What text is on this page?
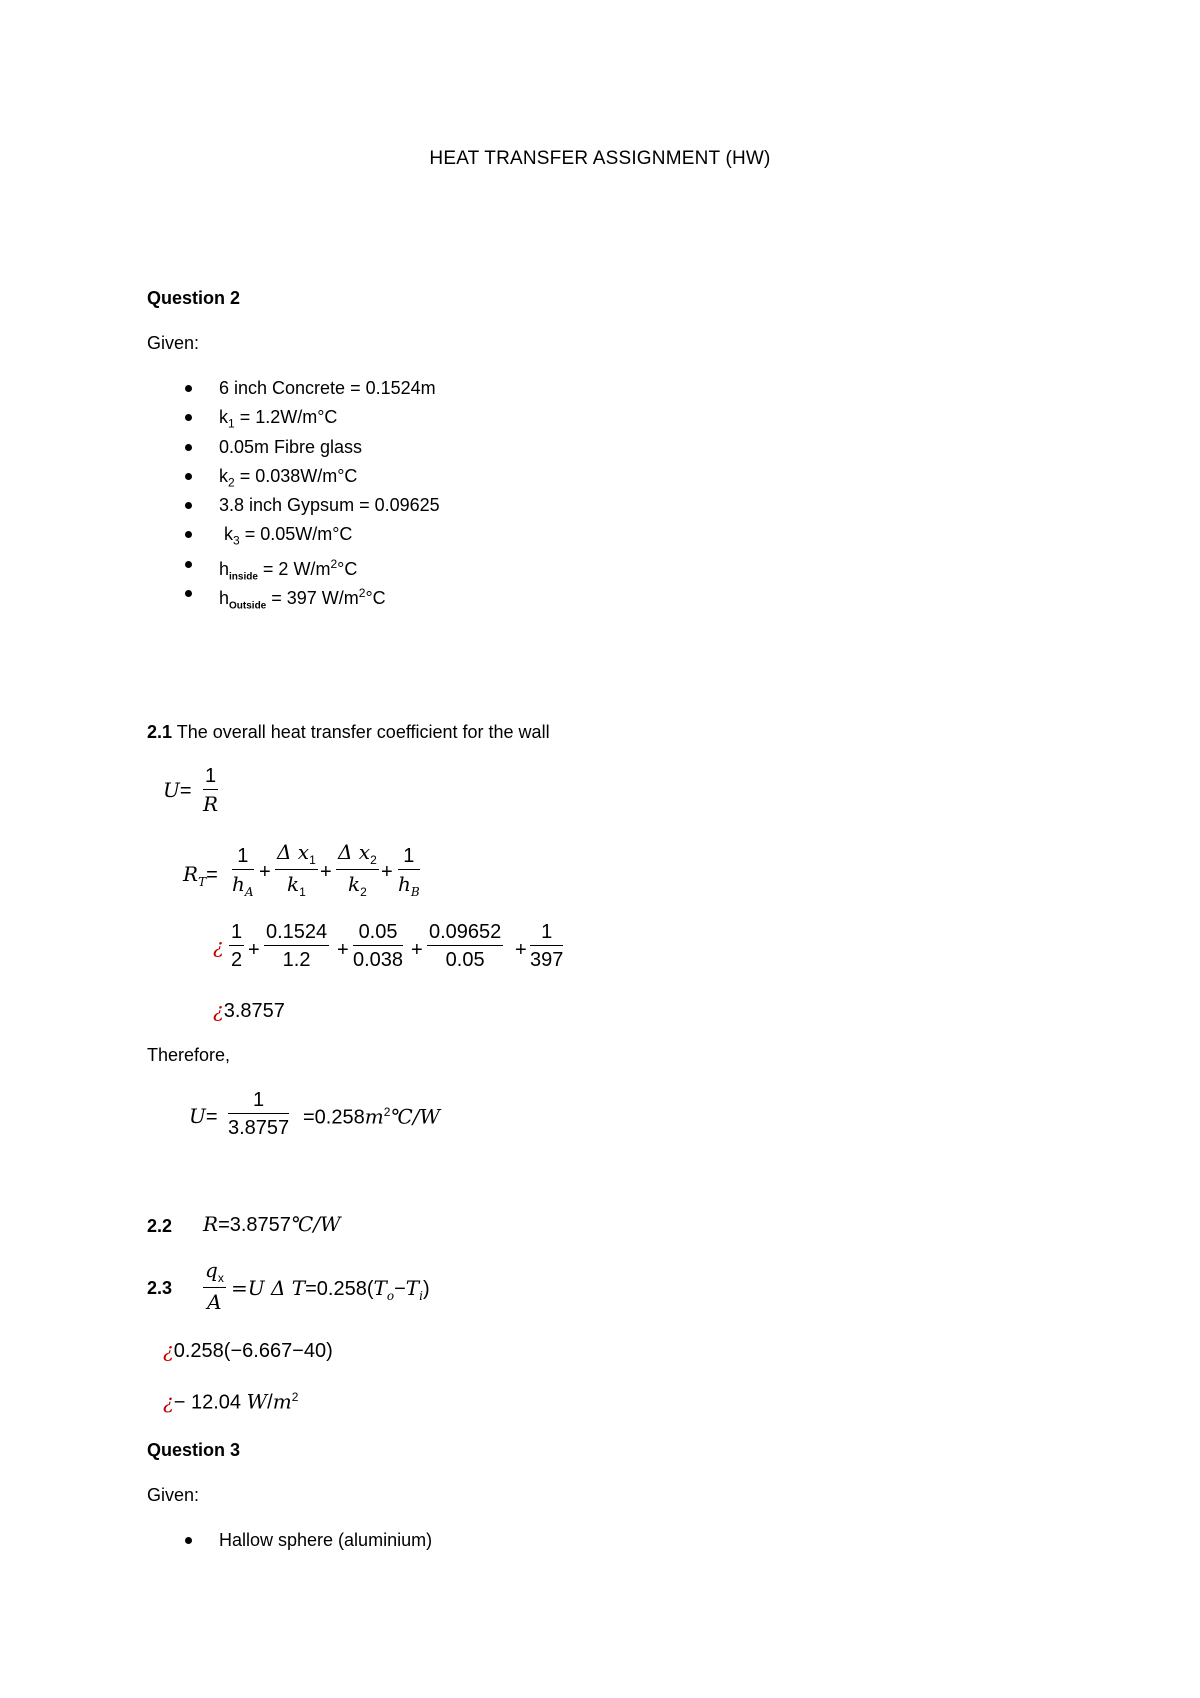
HEAT TRANSFER ASSIGNMENT (HW)
Question 2
Given:
6 inch Concrete = 0.1524m
$k_1 = 1.2W/m^\circ C$
0.05m Fibre glass
$k_2 = 0.038W/m^\circ C$
3.8 inch Gypsum = 0.09625
$k_3 = 0.05W/m^\circ C$
$h_{inside} = 2$ $W/m^2^\circ C$
$h_{Outside} = 397$ $W/m^2^\circ C$
2.1 The overall heat transfer coefficient for the wall
$U= \frac{1}{R}$
$R_T= \frac{1}{h_A} + \frac{\Delta x_1}{k_1} + \frac{\Delta x_2}{k_2} + \frac{1}{h_B}$
¿ $\frac{1}{2} + \frac{0.1524}{1.2} + \frac{0.05}{0.038} + \frac{0.09652}{0.05} + \frac{1}{397}$
¿3.8757
Therefore,
$U= \frac{1}{3.8757}$ $=0.258m^2℃/W$
2.2 R=3.8757℃/W
$2.3 \frac{q_x}{A} =U$ Δ $T=0.258(T_o-T_i)$
¿0.258(−6.667−40)
¿− 12.04 $W/m^2$
Question 3
Given:
Hallow sphere (aluminium)
